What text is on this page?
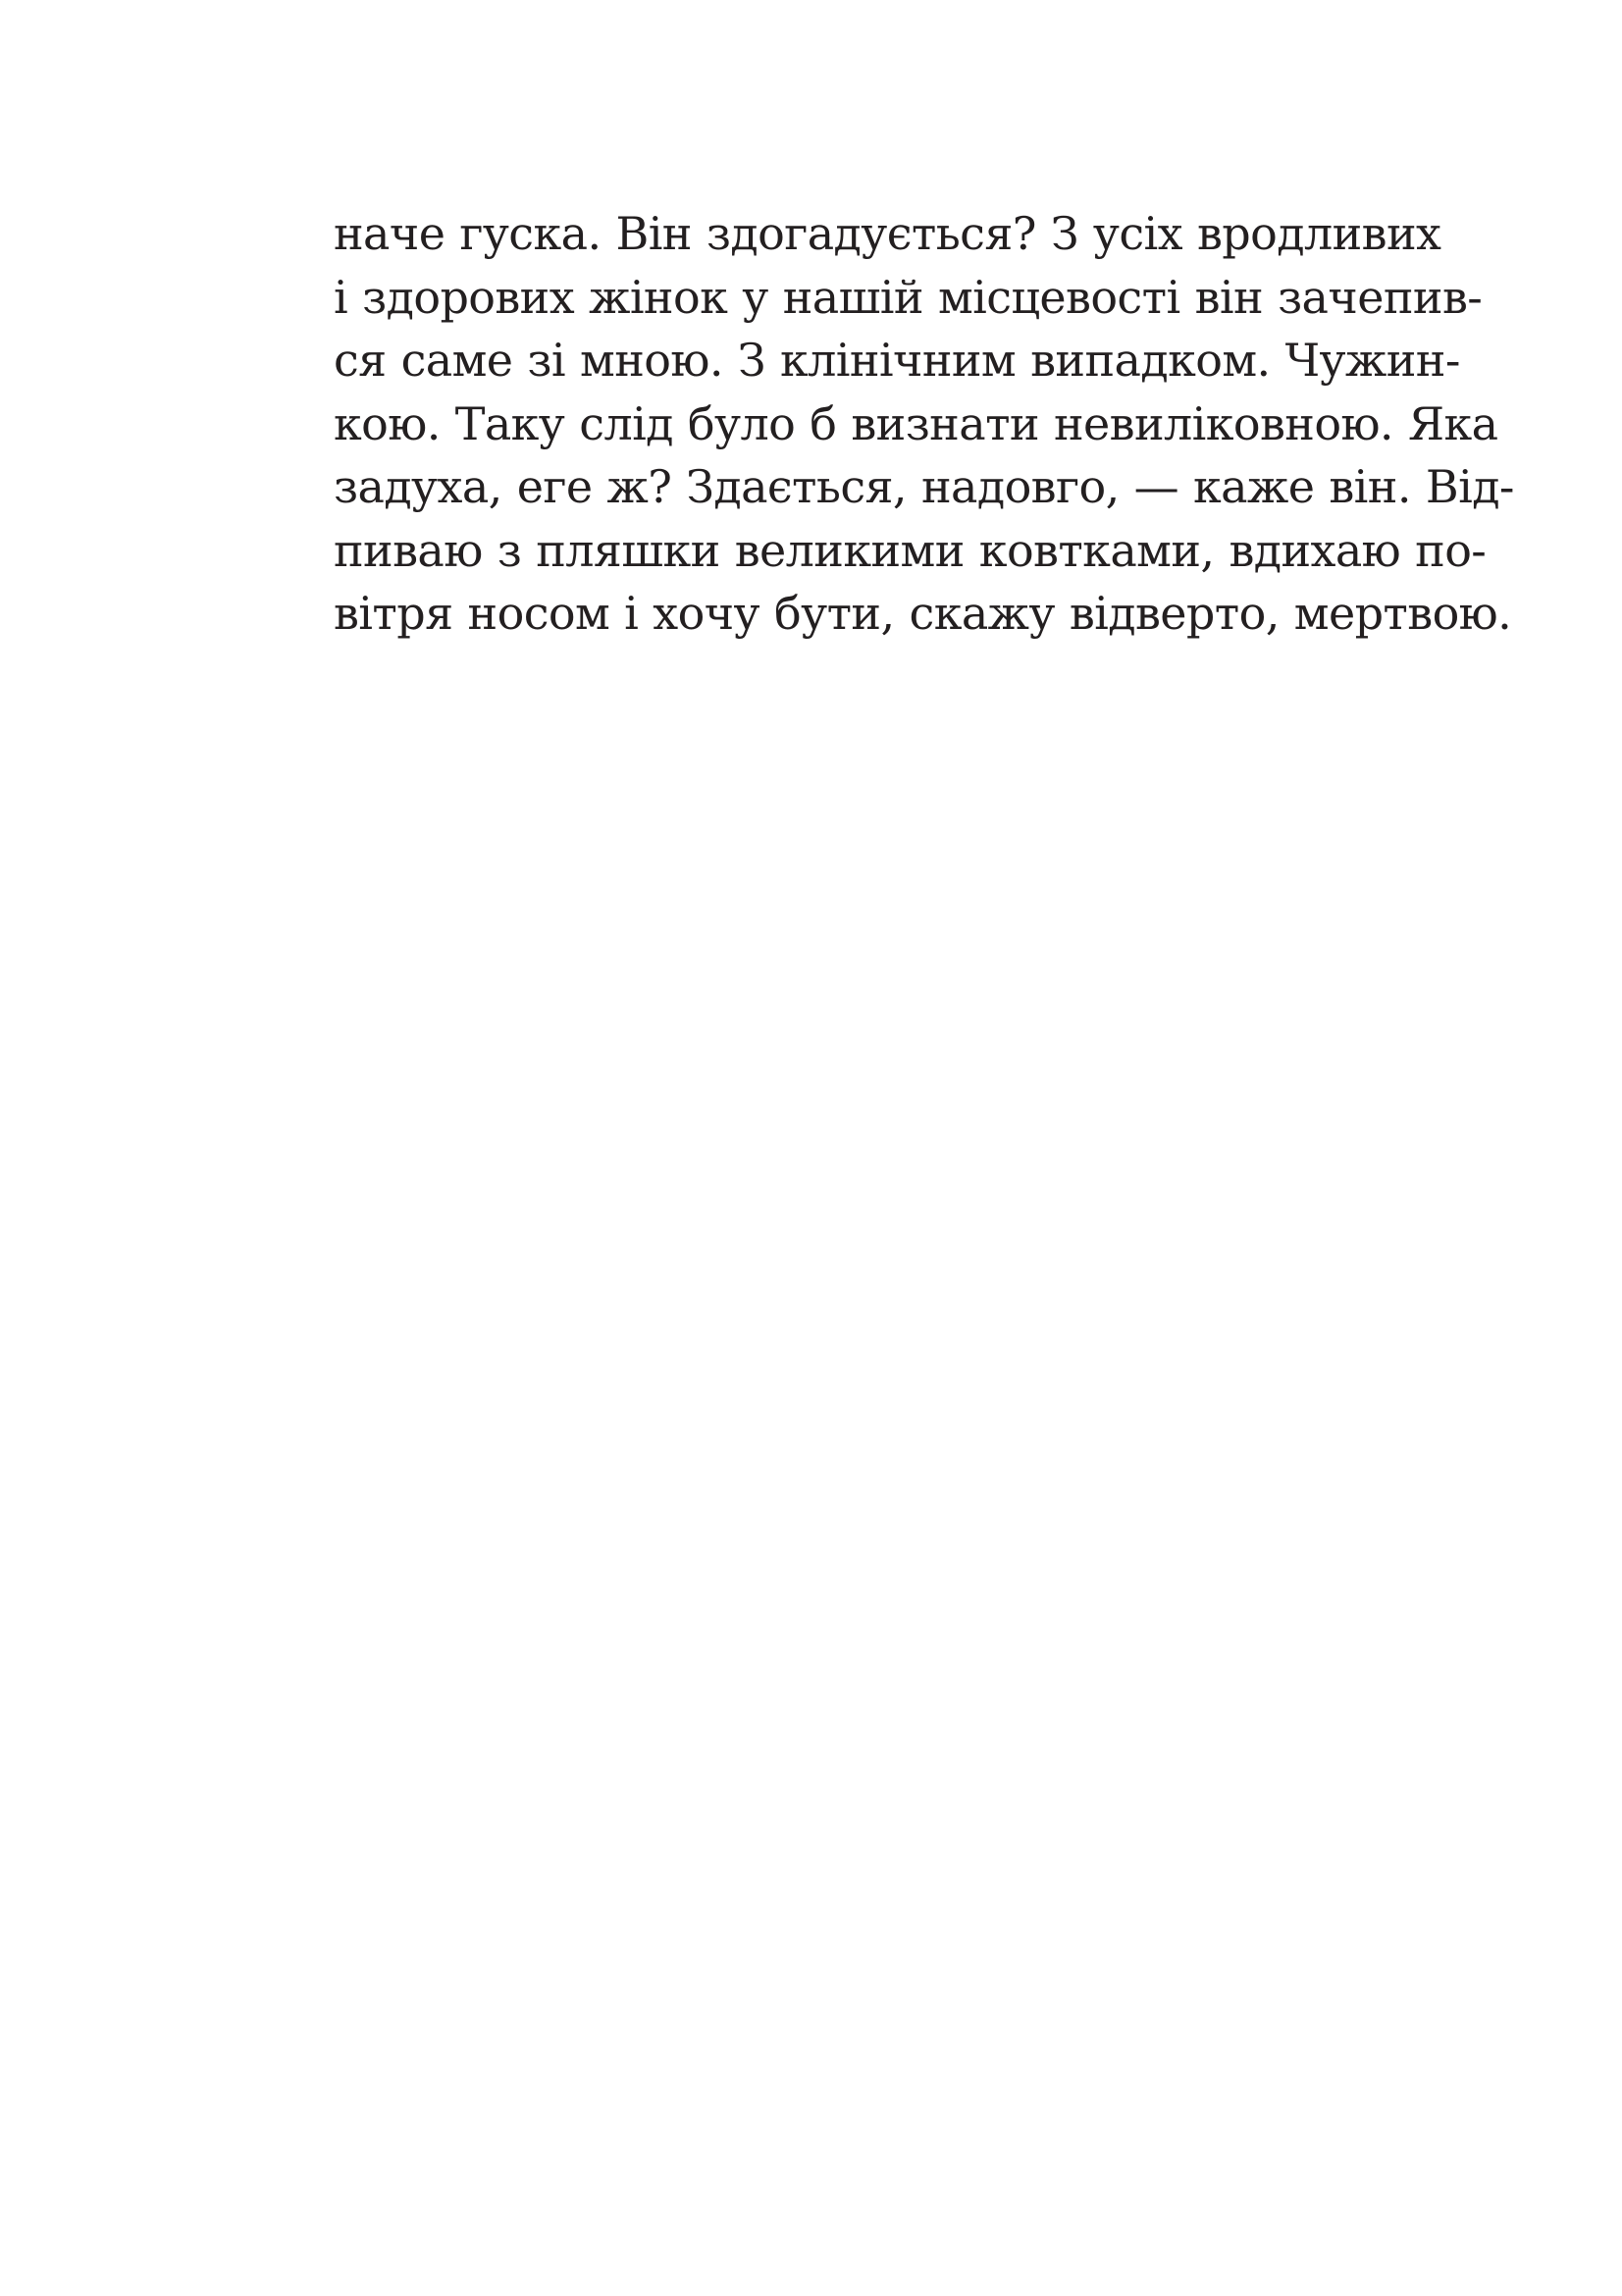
наче гуска. Він здогадується? З усіх вродливих
і здорових жінок у нашій місцевості він зачепив-
ся саме зі мною. З клінічним випадком. Чужин-
кою. Таку слід було б визнати невиліковною. Яка
задуха, еге ж? Здається, надовго, — каже він. Від-
пиваю з пляшки великими ковтками, вдихаю по-
вітря носом і хочу бути, скажу відверто, мертвою.
